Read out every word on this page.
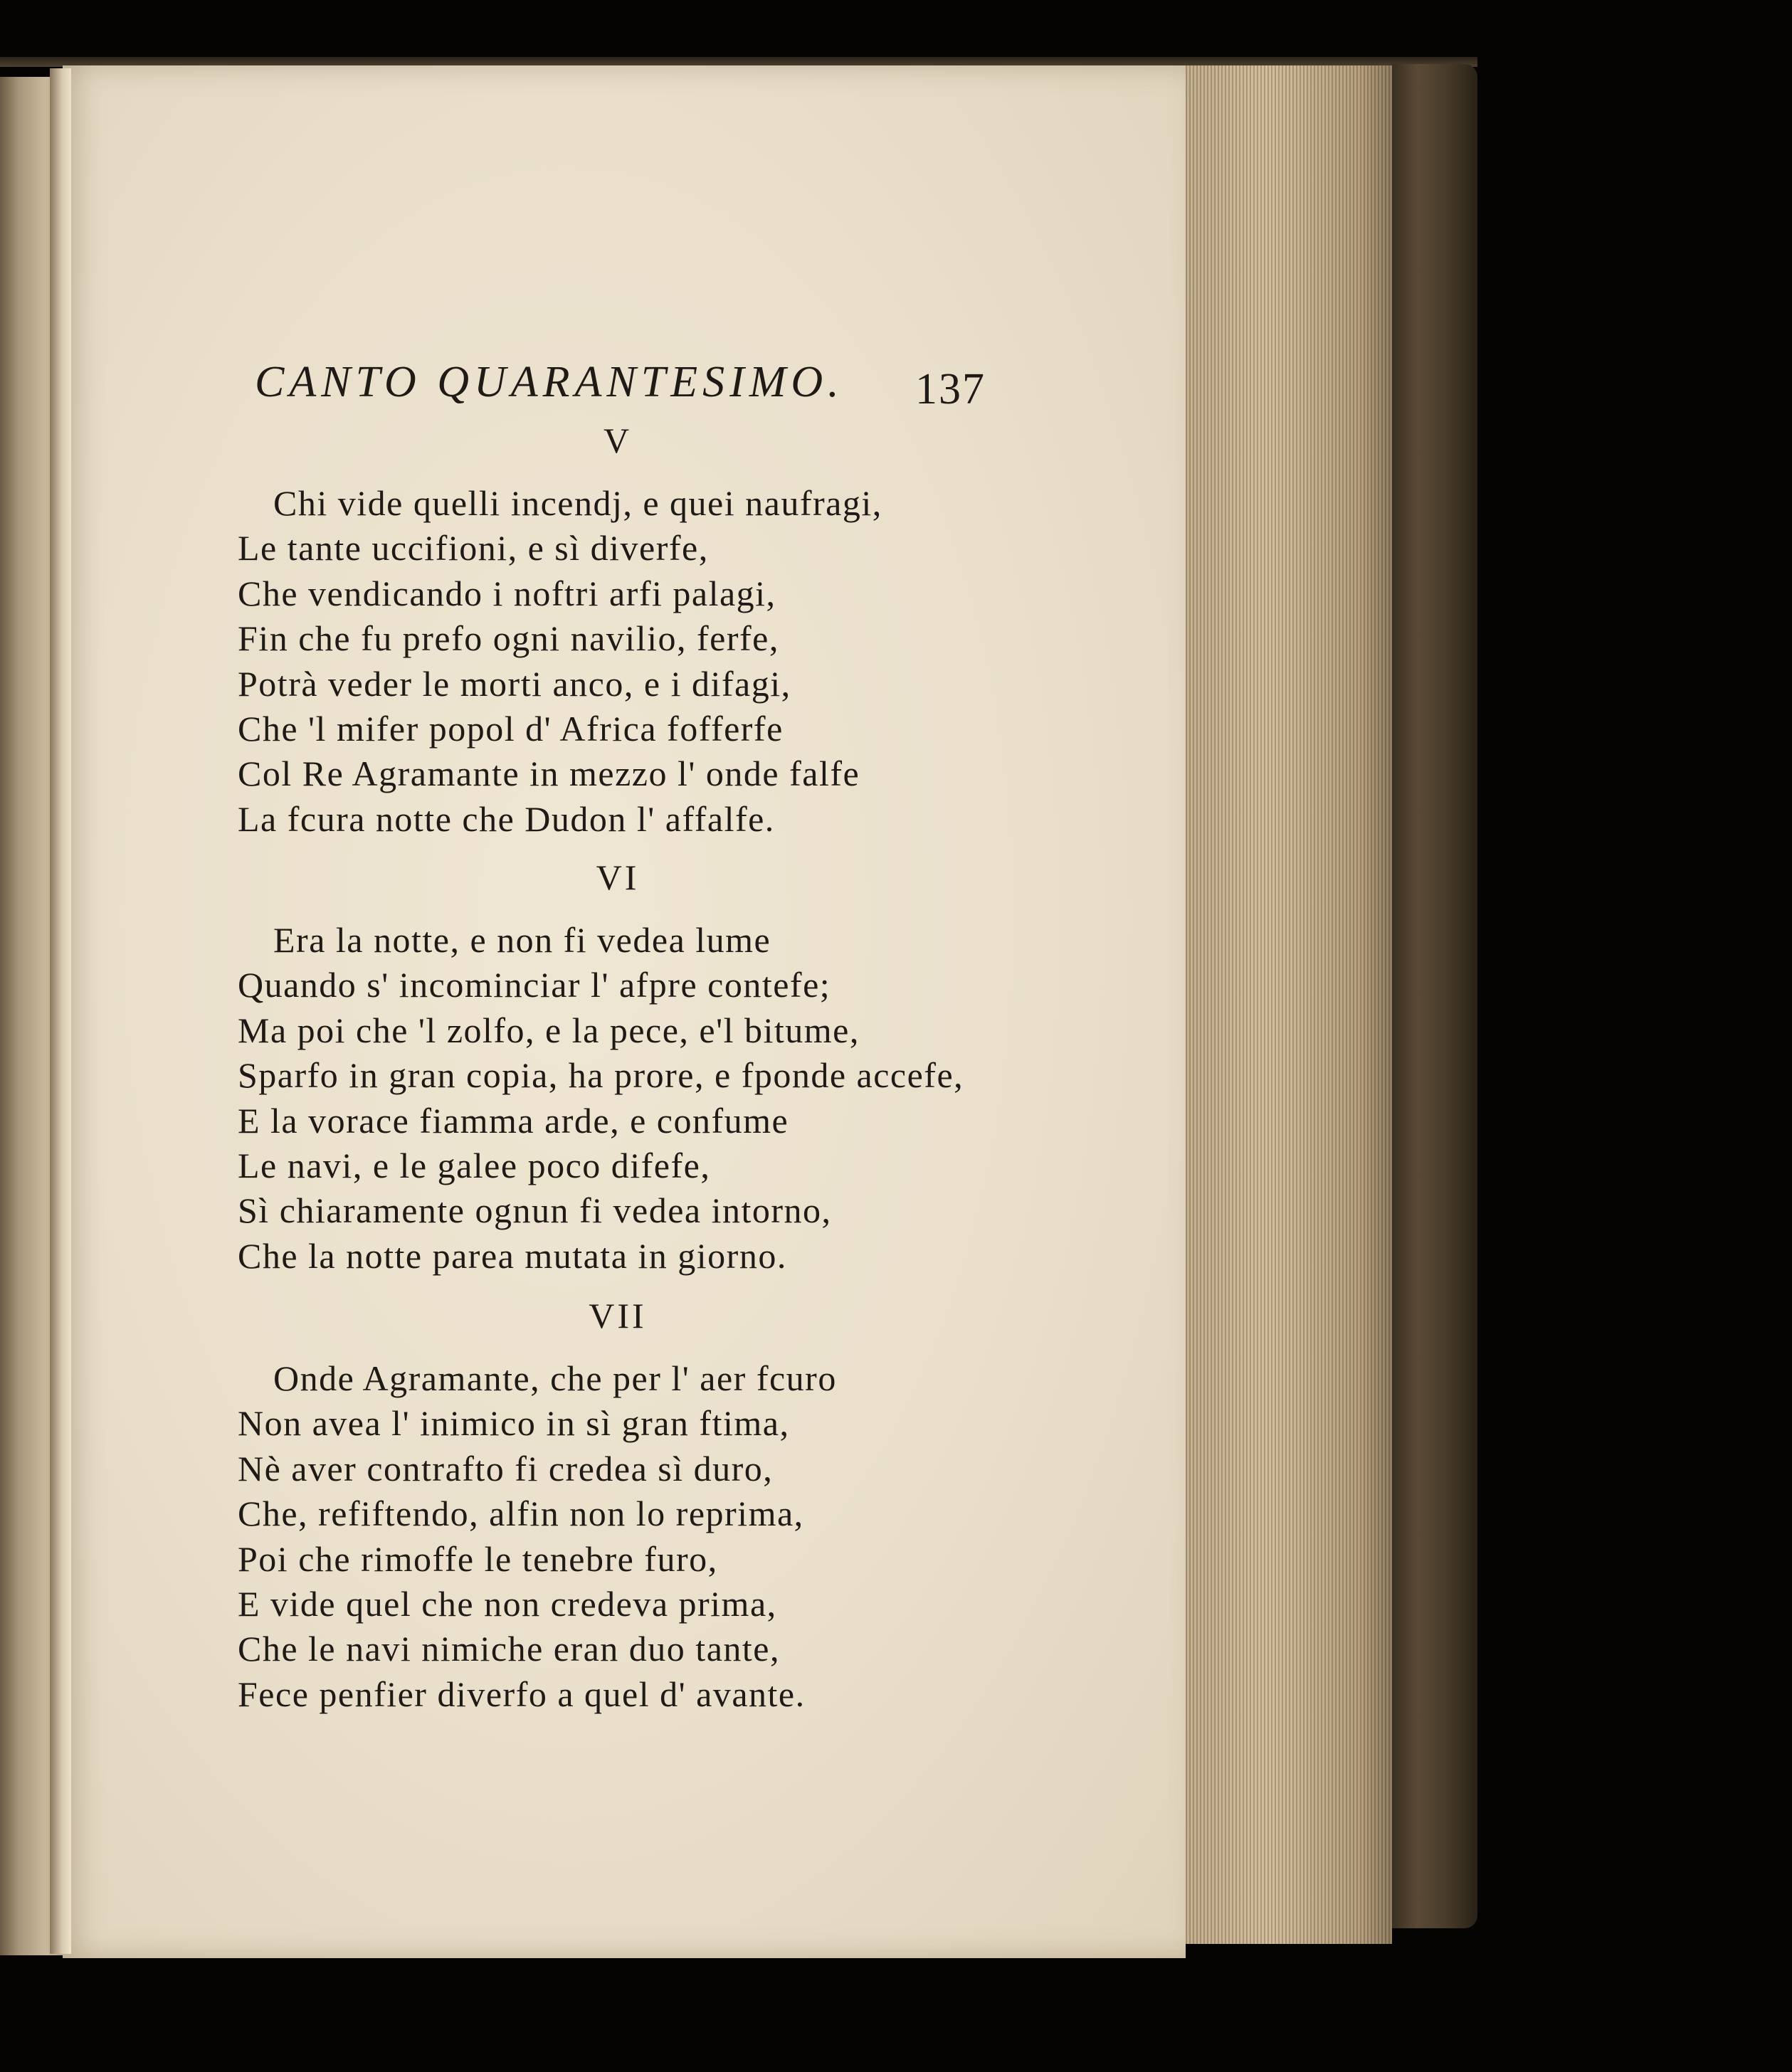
CANTO QUARANTESIMO. 137
V
Chi vide quelli incendj, e quei naufragi,
Le tante uccifioni, e sì diverfe,
Che vendicando i noftri arfi palagi,
Fin che fu prefo ogni navilio, ferfe,
Potrà veder le morti anco, e i difagi,
Che 'l mifer popol d' Africa fofferfe
Col Re Agramante in mezzo l' onde falfe
La fcura notte che Dudon l' affalfe.
VI
Era la notte, e non fi vedea lume
Quando s' incominciar l' afpre contefe;
Ma poi che 'l zolfo, e la pece, e'l bitume,
Sparfo in gran copia, ha prore, e fponde accefe,
E la vorace fiamma arde, e confume
Le navi, e le galee poco difefe,
Sì chiaramente ognun fi vedea intorno,
Che la notte parea mutata in giorno.
VII
Onde Agramante, che per l' aer fcuro
Non avea l' inimico in sì gran ftima,
Nè aver contrafto fi credea sì duro,
Che, refiftendo, alfin non lo reprima,
Poi che rimoffe le tenebre furo,
E vide quel che non credeva prima,
Che le navi nimiche eran duo tante,
Fece penfier diverfo a quel d' avante.
